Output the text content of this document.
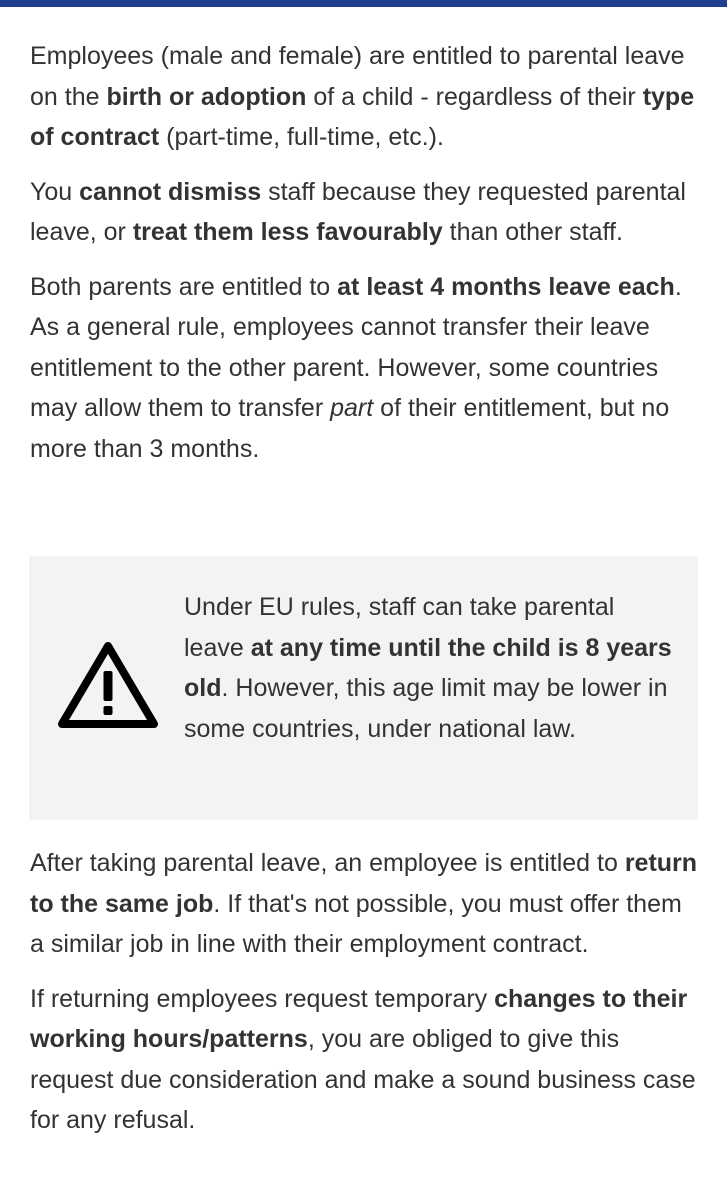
Employees (male and female) are entitled to parental leave on the birth or adoption of a child - regardless of their type of contract (part-time, full-time, etc.).

You cannot dismiss staff because they requested parental leave, or treat them less favourably than other staff.

Both parents are entitled to at least 4 months leave each. As a general rule, employees cannot transfer their leave entitlement to the other parent. However, some countries may allow them to transfer part of their entitlement, but no more than 3 months.

Under EU rules, staff can take parental leave at any time until the child is 8 years old. However, this age limit may be lower in some countries, under national law.

After taking parental leave, an employee is entitled to return to the same job. If that's not possible, you must offer them a similar job in line with their employment contract.

If returning employees request temporary changes to their working hours/patterns, you are obliged to give this request due consideration and make a sound business case for any refusal.
